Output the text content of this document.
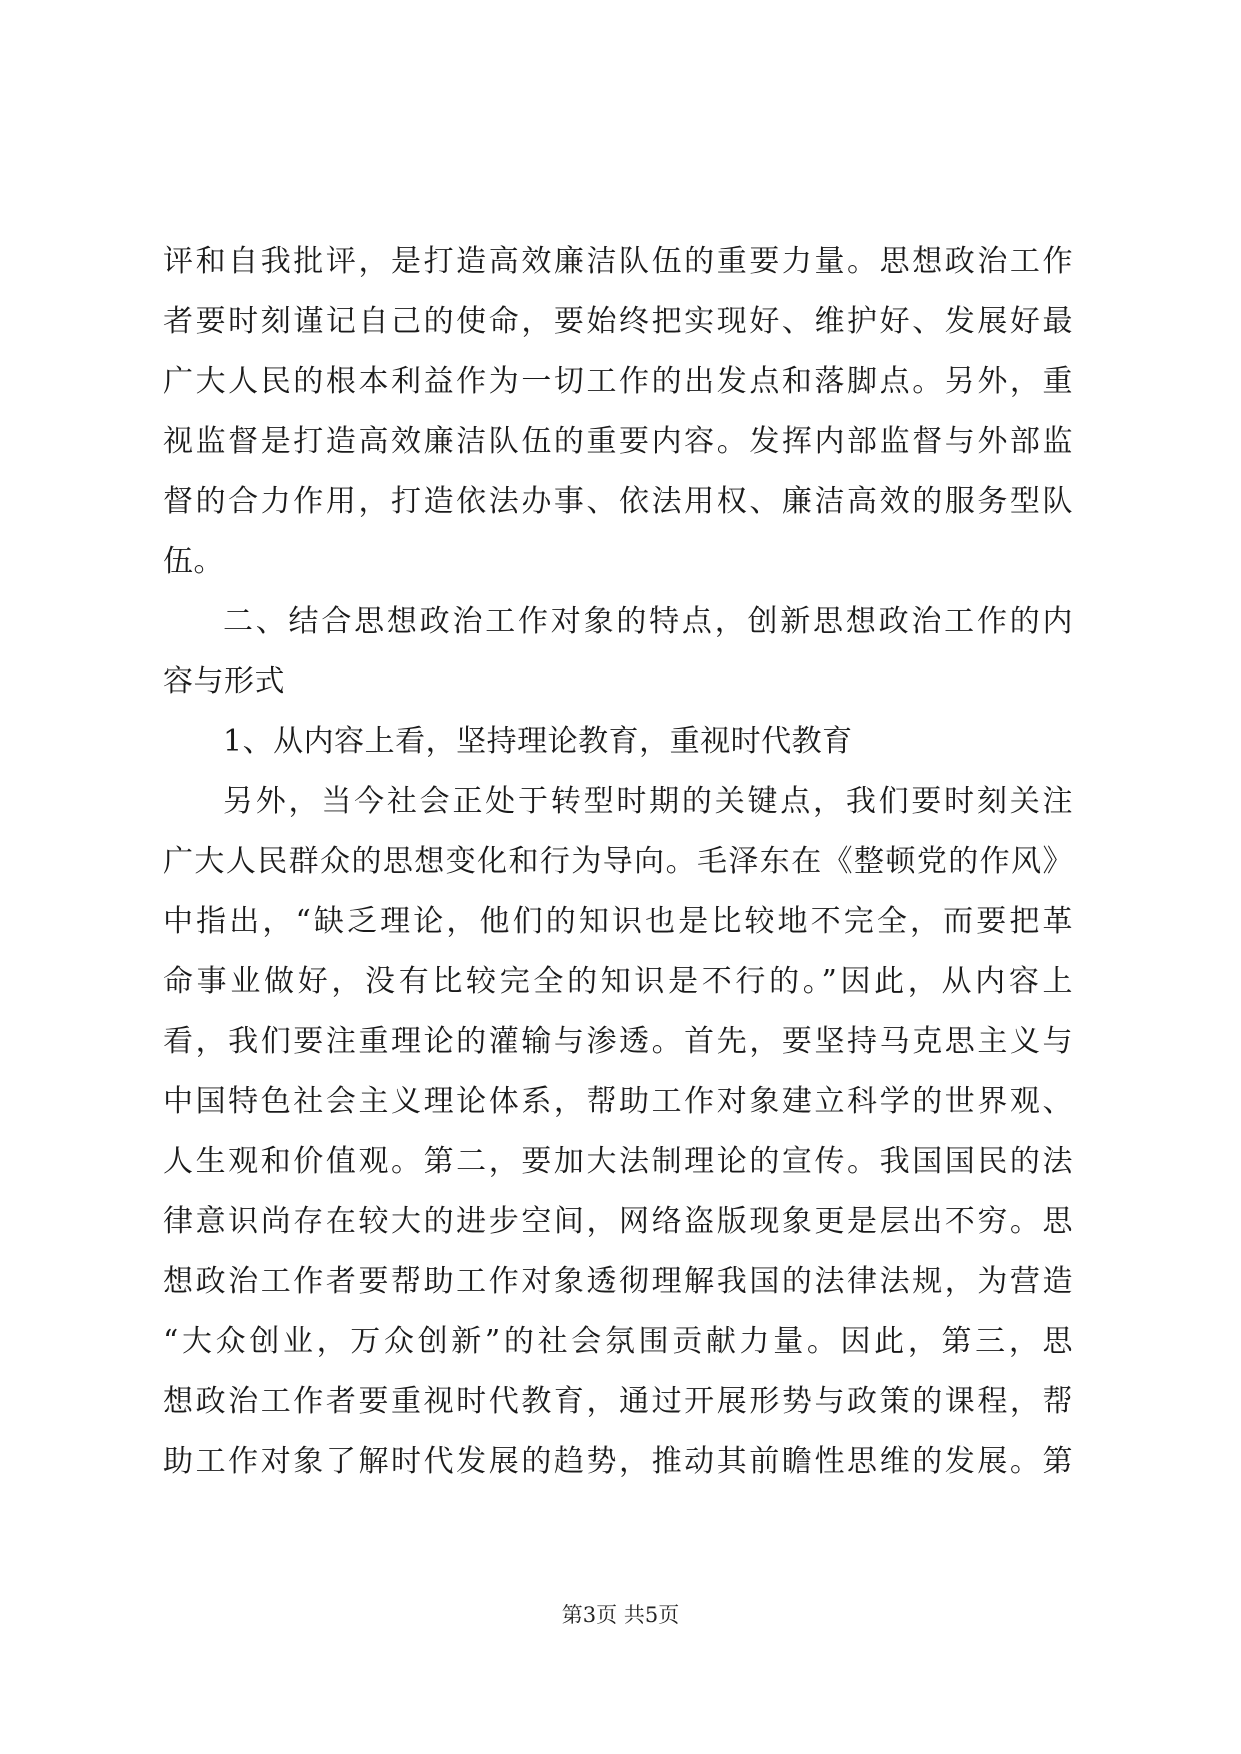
评和自我批评，是打造高效廉洁队伍的重要力量。思想政治工作
者要时刻谨记自己的使命，要始终把实现好、维护好、发展好最
广大人民的根本利益作为一切工作的出发点和落脚点。另外，重
视监督是打造高效廉洁队伍的重要内容。发挥内部监督与外部监
督的合力作用，打造依法办事、依法用权、廉洁高效的服务型队
伍。
二、结合思想政治工作对象的特点，创新思想政治工作的内
容与形式
1、从内容上看，坚持理论教育，重视时代教育
另外，当今社会正处于转型时期的关键点，我们要时刻关注
广大人民群众的思想变化和行为导向。毛泽东在《整顿党的作风》
中指出，“缺乏理论，他们的知识也是比较地不完全，而要把革
命事业做好，没有比较完全的知识是不行的。”因此，从内容上
看，我们要注重理论的灌输与渗透。首先，要坚持马克思主义与
中国特色社会主义理论体系，帮助工作对象建立科学的世界观、
人生观和价值观。第二，要加大法制理论的宣传。我国国民的法
律意识尚存在较大的进步空间，网络盗版现象更是层出不穷。思
想政治工作者要帮助工作对象透彻理解我国的法律法规，为营造
“大众创业，万众创新”的社会氛围贡献力量。因此，第三，思
想政治工作者要重视时代教育，通过开展形势与政策的课程，帮
助工作对象了解时代发展的趋势，推动其前瞻性思维的发展。第
第3页 共5页
